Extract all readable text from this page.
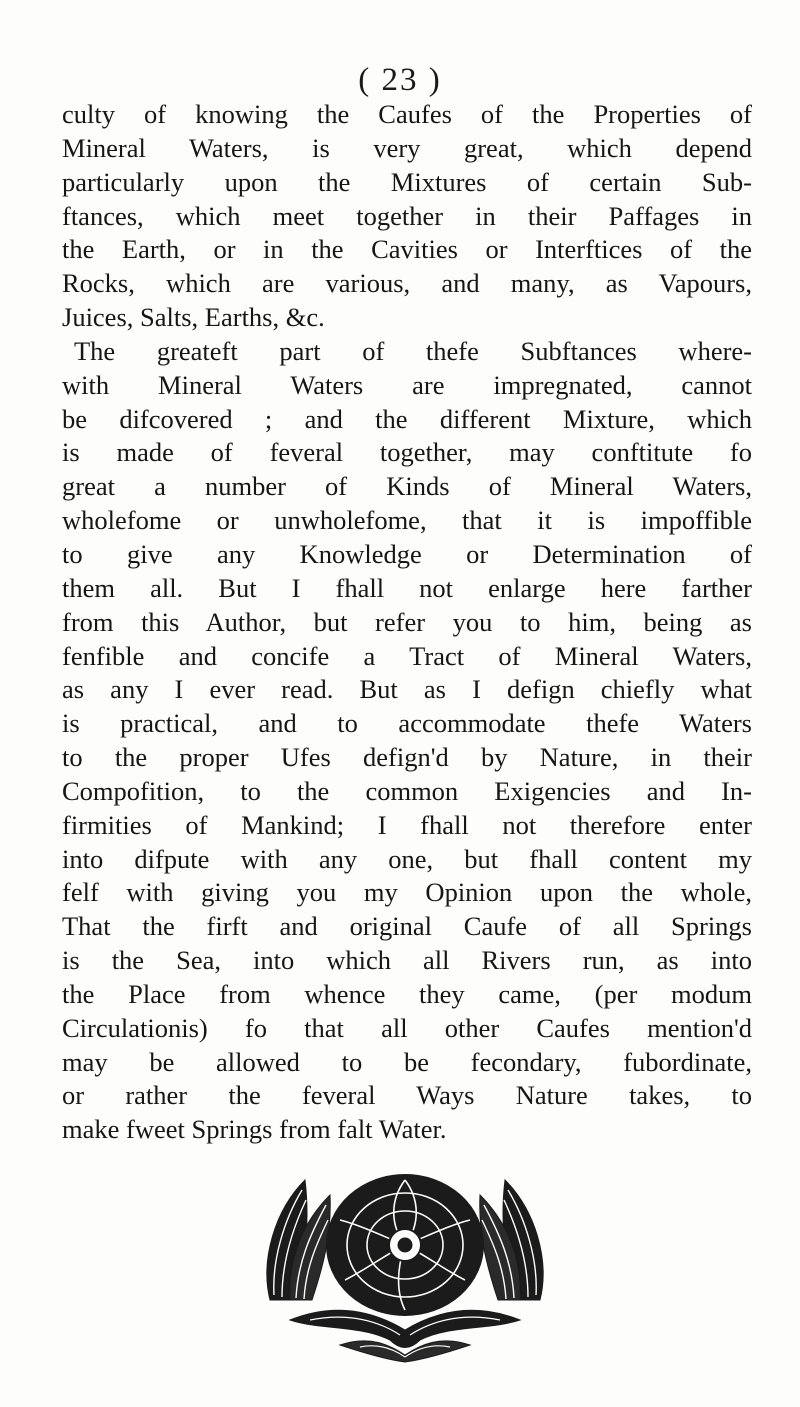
( 23 )
culty of knowing the Caufes of the Properties of
Mineral Waters, is very great, which depend
particularly upon the Mixtures of certain Sub-
ftances, which meet together in their Paffages in
the Earth, or in the Cavities or Interftices of the
Rocks, which are various, and many, as Vapours,
Juices, Salts, Earths, &c.
The greateft part of thefe Subftances where-
with Mineral Waters are impregnated, cannot
be difcovered ; and the different Mixture, which
is made of feveral together, may conftitute fo
great a number of Kinds of Mineral Waters,
wholefome or unwholefome, that it is impoffible
to give any Knowledge or Determination of
them all. But I fhall not enlarge here farther
from this Author, but refer you to him, being as
fenfible and concife a Tract of Mineral Waters,
as any I ever read. But as I defign chiefly what
is practical, and to accommodate thefe Waters
to the proper Ufes defign'd by Nature, in their
Compofition, to the common Exigencies and In-
firmities of Mankind; I fhall not therefore enter
into difpute with any one, but fhall content my
felf with giving you my Opinion upon the whole,
That the firft and original Caufe of all Springs
is the Sea, into which all Rivers run, as into
the Place from whence they came, (per modum
Circulationis) fo that all other Caufes mention'd
may be allowed to be fecondary, fubordinate,
or rather the feveral Ways Nature takes, to
make fweet Springs from falt Water.
